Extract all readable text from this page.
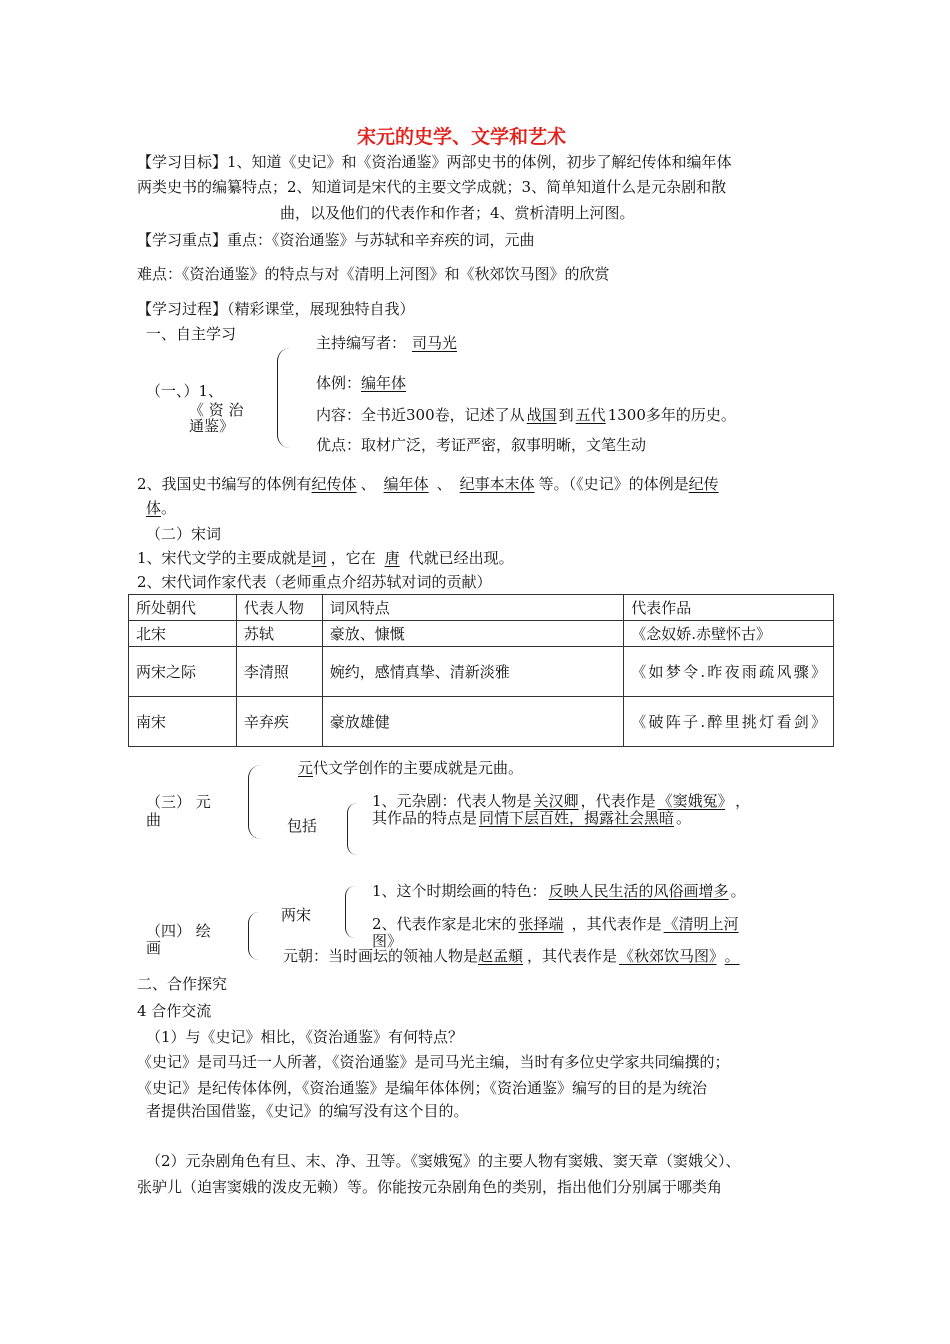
宋元的史学、文学和艺术
【学习目标】1、知道《史记》和《资治通鉴》两部史书的体例，初步了解纪传体和编年体
两类史书的编纂特点；2、知道词是宋代的主要文学成就；3、简单知道什么是元杂剧和散
曲，以及他们的代表作和作者；4、赏析清明上河图。
【学习重点】重点：《资治通鉴》与苏轼和辛弃疾的词，元曲
难点：《资治通鉴》的特点与对《清明上河图》和《秋郊饮马图》的欣赏
【学习过程】（精彩课堂，展现独特自我）
一、自主学习
（一、）1、
《 资 治
通鉴》
主持编写者： 司马光
体例：编年体
内容：全书近300卷，记述了从 战国 到 五代 1300多年的历史。
优点：取材广泛，考证严密，叙事明晰，文笔生动
2、我国史书编写的体例有纪传体 、 编年体 、 纪事本末体 等。（《史记》的体例是纪传
体。
（二）宋词
1、宋代文学的主要成就是词 ，它在 唐 代就已经出现。
2、宋代词作家代表（老师重点介绍苏轼对词的贡献）
所处朝代	代表人物	词风特点	代表作品
北宋	苏轼	豪放、慷慨	《念奴娇.赤壁怀古》
两宋之际	李清照	婉约，感情真挚、清新淡雅	《如梦令.昨夜雨疏风骤》
南宋	辛弃疾	豪放雄健	《破阵子.醉里挑灯看剑》
（三） 元
曲
元代文学创作的主要成就是元曲。
包括
1、元杂剧：代表人物是 关汉卿 ，代表作是 《窦娥冤》 ，
其作品的特点是 同情下层百姓，揭露社会黑暗 。
（四） 绘
画
两宋
1、这个时期绘画的特色： 反映人民生活的风俗画增多 。
2、代表作家是北宋的 张择端 ，其代表作是 《清明上河
图》
元朝：当时画坛的领袖人物是赵孟頫 ，其代表作是 《秋郊饮马图》 。
二、合作探究
4 合作交流
（1）与《史记》相比，《资治通鉴》有何特点？
《史记》是司马迁一人所著，《资治通鉴》是司马光主编，当时有多位史学家共同编撰的；
《史记》是纪传体体例，《资治通鉴》是编年体体例；《资治通鉴》编写的目的是为统治
者提供治国借鉴，《史记》的编写没有这个目的。
（2）元杂剧角色有旦、末、净、丑等。《窦娥冤》的主要人物有窦娥、窦天章（窦娥父）、
张驴儿（迫害窦娥的泼皮无赖）等。你能按元杂剧角色的类别，指出他们分别属于哪类角
